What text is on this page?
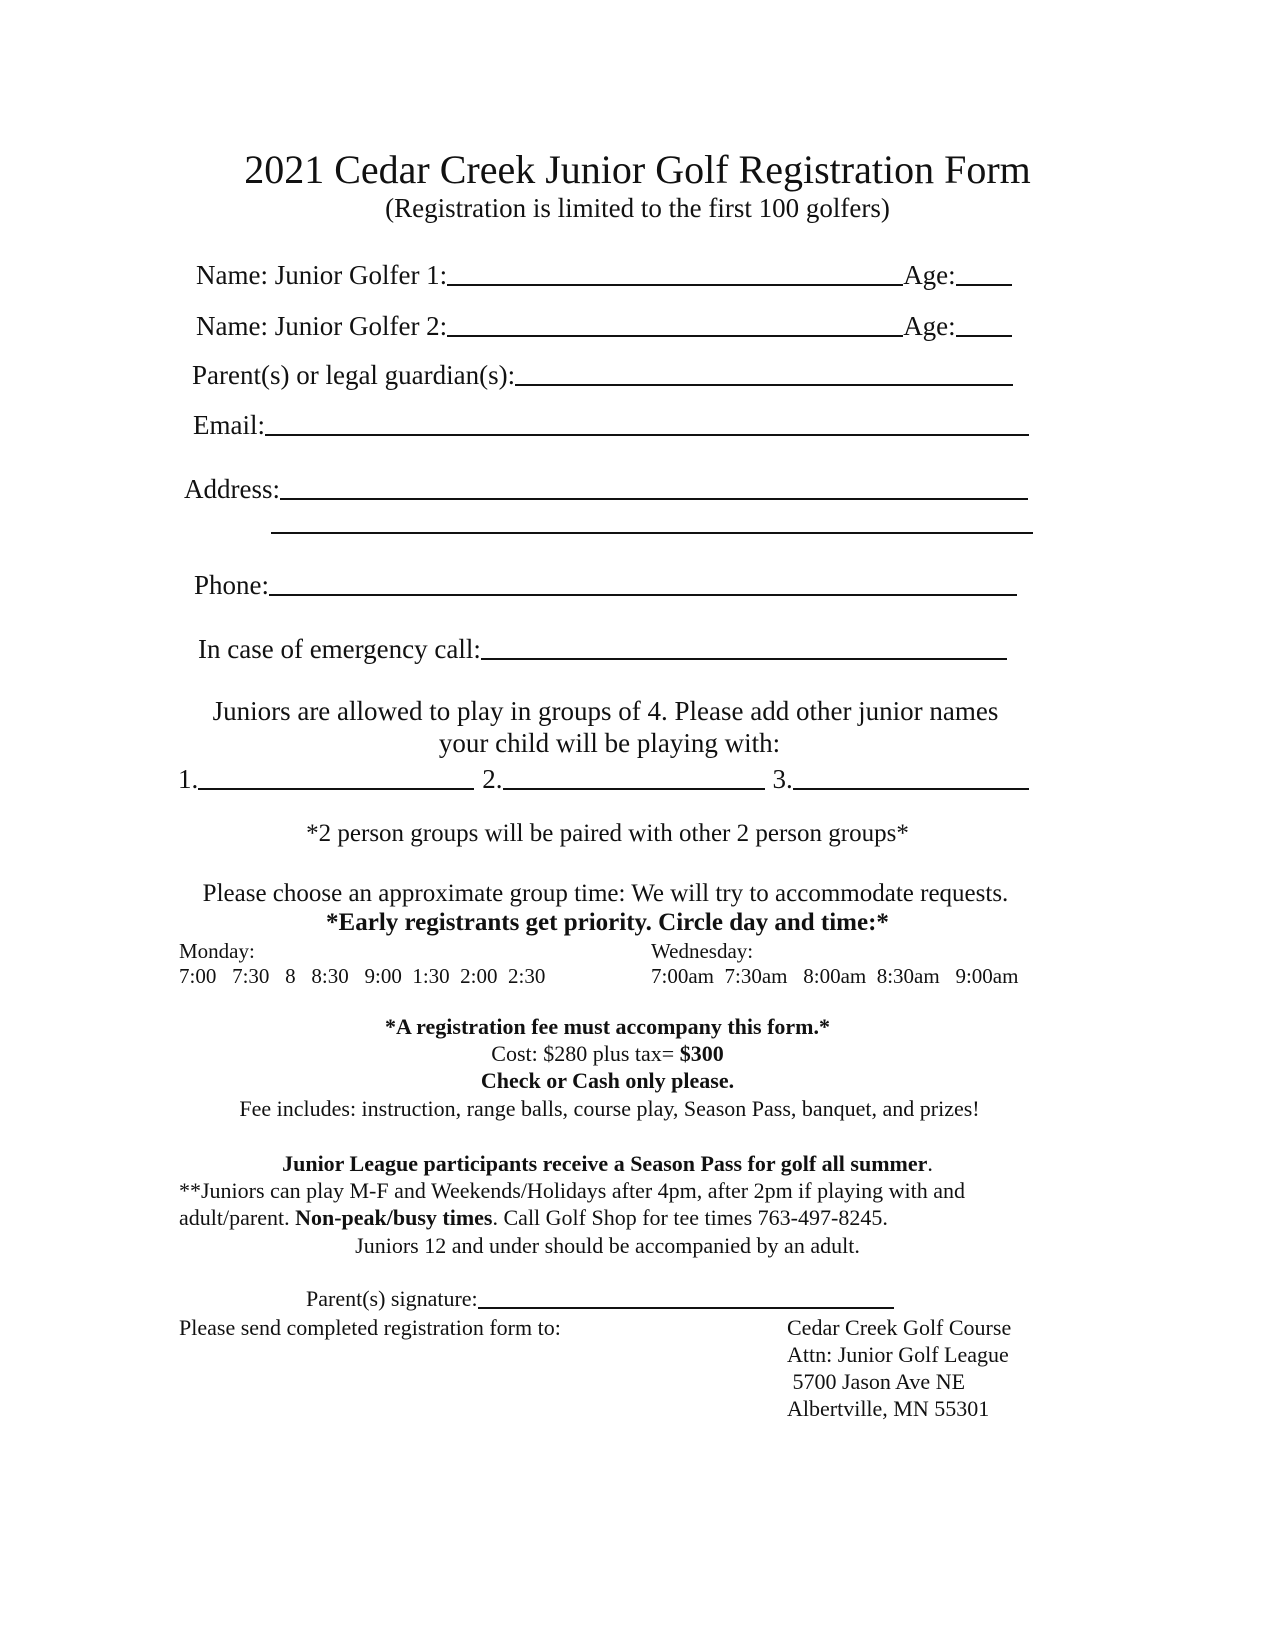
2021 Cedar Creek Junior Golf Registration Form
(Registration is limited to the first 100 golfers)
Name: Junior Golfer 1:	Age:
Name: Junior Golfer 2:	Age:
Parent(s) or legal guardian(s):
Email:
Address:
Phone:
In case of emergency call:
Juniors are allowed to play in groups of 4. Please add other junior names
your child will be playing with:
1.	2.	3.
*2 person groups will be paired with other 2 person groups*
Please choose an approximate group time: We will try to accommodate requests.
*Early registrants get priority. Circle day and time:*
Monday:
7:00   7:30   8   8:30   9:00  1:30  2:00  2:30
Wednesday:
7:00am  7:30am   8:00am  8:30am   9:00am
*A registration fee must accompany this form.*
Cost: $280 plus tax= $300
Check or Cash only please.
Fee includes: instruction, range balls, course play, Season Pass, banquet, and prizes!
Junior League participants receive a Season Pass for golf all summer.
**Juniors can play M-F and Weekends/Holidays after 4pm, after 2pm if playing with and
adult/parent. Non-peak/busy times. Call Golf Shop for tee times 763-497-8245.
Juniors 12 and under should be accompanied by an adult.
Parent(s) signature:
Please send completed registration form to:	Cedar Creek Golf Course
Attn: Junior Golf League
5700 Jason Ave NE
Albertville, MN 55301
